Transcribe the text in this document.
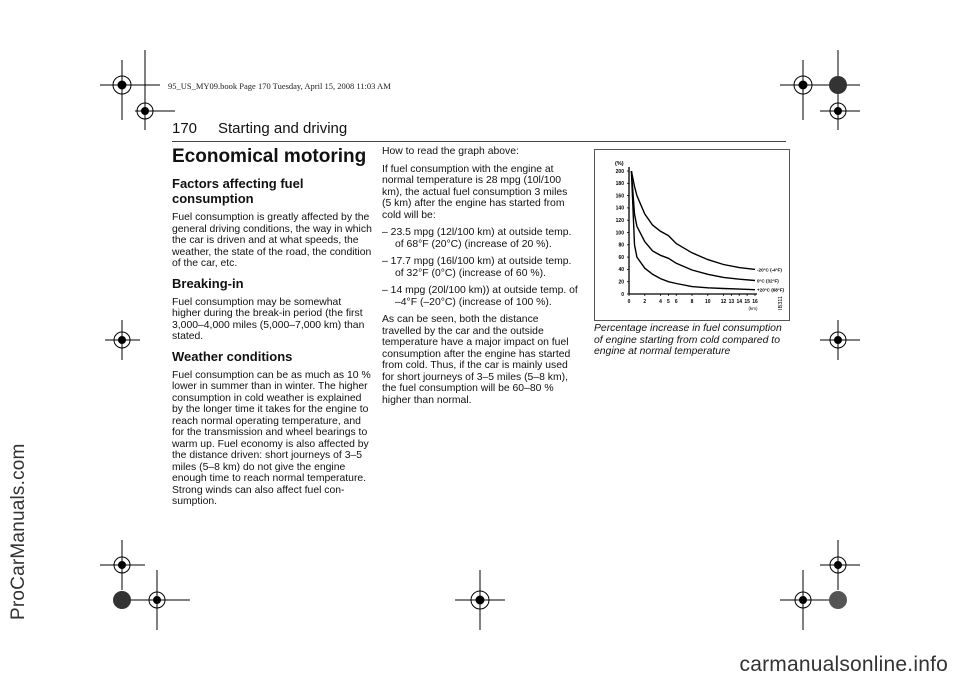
95_US_MY09.book Page 170 Tuesday, April 15, 2008 11:03 AM
ProCarManuals.com
carmanualsonline.info
170 Starting and driving
Economical motoring
Factors affecting fuel consumption

Fuel consumption is greatly affected by the general driving conditions, the way in which the car is driven and at what speeds, the weather, the state of the road, the condition of the car, etc.

Breaking-in

Fuel consumption may be somewhat higher during the break-in period (the first 3,000–4,000 miles (5,000–7,000 km) than stated.

Weather conditions

Fuel consumption can be as much as 10 % lower in summer than in winter. The higher consumption in cold weather is explained by the longer time it takes for the engine to reach normal operating temperature, and for the transmission and wheel bearings to warm up. Fuel economy is also affected by the distance driven: short journeys of 3–5 miles (5–8 km) do not give the engine enough time to reach normal temperature. Strong winds can also affect fuel con-sumption.

How to read the graph above:

If fuel consumption with the engine at normal temperature is 28 mpg (10l/100 km), the actual fuel consumption 3 miles (5 km) after the engine has started from cold will be:

– 23.5 mpg (12l/100 km) at outside temp. of 68°F (20°C) (increase of 20 %).
– 17.7 mpg (16l/100 km) at outside temp. of 32°F (0°C) (increase of 60 %).
– 14 mpg (20l/100 km)) at outside temp. of –4°F (–20°C) (increase of 100 %).

As can be seen, both the distance travelled by the car and the outside temperature have a major impact on fuel consumption after the engine has started from cold. Thus, if the car is mainly used for short journeys of 3–5 miles (5–8 km), the fuel consumption will be 60–80 % higher than normal.

(%)
0
20
40
60
80
100
120
140
160
180
200
0	2	4 5 6	8 10 12 13 14 15 16
(km)
-20°C (-4°F)
0°C (32°F)
+20°C (68°F)
IB311
Percentage increase in fuel consumption of engine starting from cold compared to engine at normal temperature
